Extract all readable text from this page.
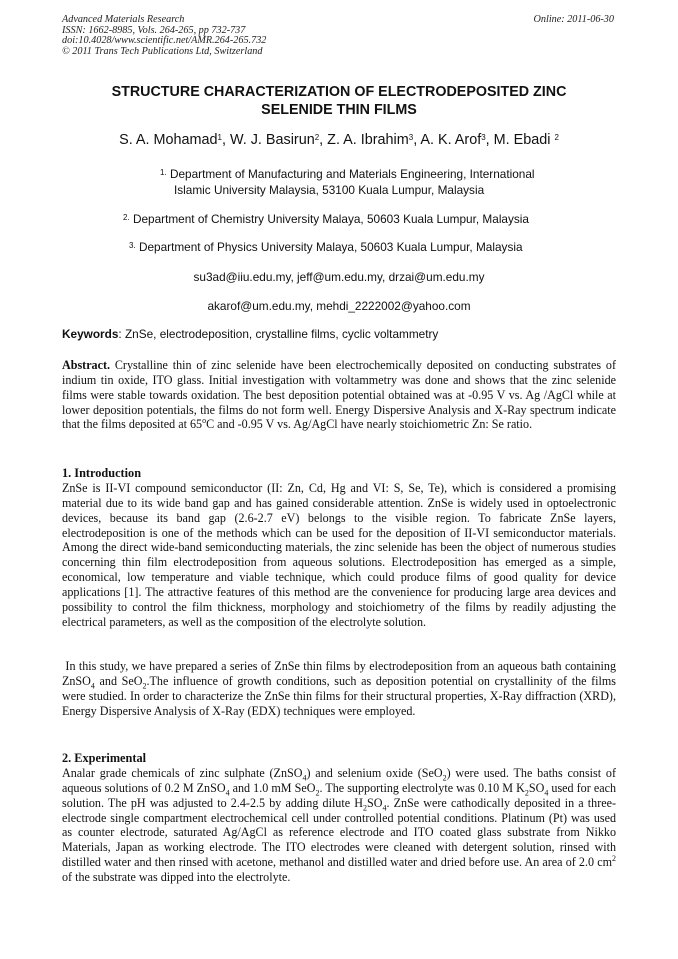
Advanced Materials Research
ISSN: 1662-8985, Vols. 264-265, pp 732-737
doi:10.4028/www.scientific.net/AMR.264-265.732
© 2011 Trans Tech Publications Ltd, Switzerland
Online: 2011-06-30
STRUCTURE CHARACTERIZATION OF ELECTRODEPOSITED ZINC
SELENIDE THIN FILMS
S. A. Mohamad$^1$, W. J. Basirun$^2$, Z. A. Ibrahim$^3$, A. K. Arof$^3$, M. Ebadi $^2$
$^{1.}$ Department of Manufacturing and Materials Engineering, International
Islamic University Malaysia, 53100 Kuala Lumpur, Malaysia
$^{2.}$ Department of Chemistry University Malaya, 50603 Kuala Lumpur, Malaysia
$^{3.}$ Department of Physics University Malaya, 50603 Kuala Lumpur, Malaysia
su3ad@iiu.edu.my, jeff@um.edu.my, drzai@um.edu.my
akarof@um.edu.my, mehdi_2222002@yahoo.com
Keywords: ZnSe, electrodeposition, crystalline films, cyclic voltammetry
Abstract. Crystalline thin of zinc selenide have been electrochemically deposited on conducting substrates of indium tin oxide, ITO glass. Initial investigation with voltammetry was done and shows that the zinc selenide films were stable towards oxidation. The best deposition potential obtained was at -0.95 V vs. Ag /AgCl while at lower deposition potentials, the films do not form well. Energy Dispersive Analysis and X-Ray spectrum indicate that the films deposited at 65$^o$C and -0.95 V vs. Ag/AgCl have nearly stoichiometric Zn: Se ratio.
1. Introduction
ZnSe is II-VI compound semiconductor (II: Zn, Cd, Hg and VI: S, Se, Te), which is considered a promising material due to its wide band gap and has gained considerable attention. ZnSe is widely used in optoelectronic devices, because its band gap (2.6-2.7 eV) belongs to the visible region. To fabricate ZnSe layers, electrodeposition is one of the methods which can be used for the deposition of II-VI semiconductor materials. Among the direct wide-band semiconducting materials, the zinc selenide has been the object of numerous studies concerning thin film electrodeposition from aqueous solutions. Electrodeposition has emerged as a simple, economical, low temperature and viable technique, which could produce films of good quality for device applications [1]. The attractive features of this method are the convenience for producing large area devices and possibility to control the film thickness, morphology and stoichiometry of the films by readily adjusting the electrical parameters, as well as the composition of the electrolyte solution.
In this study, we have prepared a series of ZnSe thin films by electrodeposition from an aqueous bath containing ZnSO$_4$ and SeO$_2$.The influence of growth conditions, such as deposition potential on crystallinity of the films were studied. In order to characterize the ZnSe thin films for their structural properties, X-Ray diffraction (XRD), Energy Dispersive Analysis of X-Ray (EDX) techniques were employed.
2. Experimental
Analar grade chemicals of zinc sulphate (ZnSO$_4$) and selenium oxide (SeO$_2$) were used. The baths consist of aqueous solutions of 0.2 M ZnSO$_4$ and 1.0 mM SeO$_2$. The supporting electrolyte was 0.10 M $K_2SO_4$ used for each solution. The pH was adjusted to 2.4-2.5 by adding dilute $H_2SO_4$. ZnSe were cathodically deposited in a three-electrode single compartment electrochemical cell under controlled potential conditions. Platinum (Pt) was used as counter electrode, saturated Ag/AgCl as reference electrode and ITO coated glass substrate from Nikko Materials, Japan as working electrode. The ITO electrodes were cleaned with detergent solution, rinsed with distilled water and then rinsed with acetone, methanol and distilled water and dried before use. An area of 2.0 $cm^2$ of the substrate was dipped into the electrolyte.
